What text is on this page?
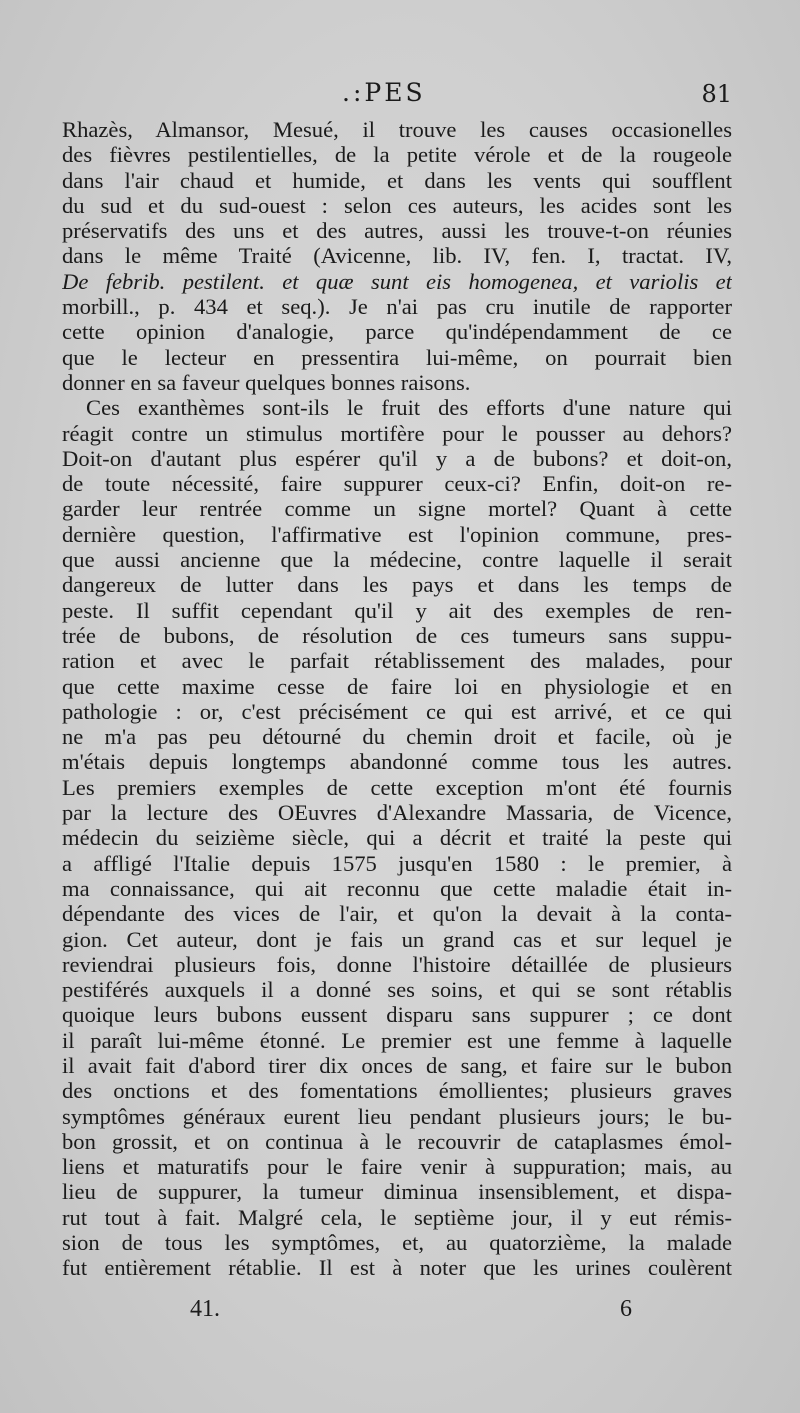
.:PES	81
Rhazès, Almansor, Mesué, il trouve les causes occasionelles
des fièvres pestilentielles, de la petite vérole et de la rougeole
dans l'air chaud et humide, et dans les vents qui soufflent
du sud et du sud-ouest : selon ces auteurs, les acides sont les
préservatifs des uns et des autres, aussi les trouve-t-on réunies
dans le même Traité (Avicenne, lib. IV, fen. I, tractat. IV,
De febrib. pestilent. et quæ sunt eis homogenea, et variolis et
morbill., p. 434 et seq.). Je n'ai pas cru inutile de rapporter
cette opinion d'analogie, parce qu'indépendamment de ce
que le lecteur en pressentira lui-même, on pourrait bien
donner en sa faveur quelques bonnes raisons.
Ces exanthèmes sont-ils le fruit des efforts d'une nature qui
réagit contre un stimulus mortifère pour le pousser au dehors?
Doit-on d'autant plus espérer qu'il y a de bubons? et doit-on,
de toute nécessité, faire suppurer ceux-ci? Enfin, doit-on re-
garder leur rentrée comme un signe mortel? Quant à cette
dernière question, l'affirmative est l'opinion commune, pres-
que aussi ancienne que la médecine, contre laquelle il serait
dangereux de lutter dans les pays et dans les temps de
peste. Il suffit cependant qu'il y ait des exemples de ren-
trée de bubons, de résolution de ces tumeurs sans suppu-
ration et avec le parfait rétablissement des malades, pour
que cette maxime cesse de faire loi en physiologie et en
pathologie : or, c'est précisément ce qui est arrivé, et ce qui
ne m'a pas peu détourné du chemin droit et facile, où je
m'étais depuis longtemps abandonné comme tous les autres.
Les premiers exemples de cette exception m'ont été fournis
par la lecture des OEuvres d'Alexandre Massaria, de Vicence,
médecin du seizième siècle, qui a décrit et traité la peste qui
a affligé l'Italie depuis 1575 jusqu'en 1580 : le premier, à
ma connaissance, qui ait reconnu que cette maladie était in-
dépendante des vices de l'air, et qu'on la devait à la conta-
gion. Cet auteur, dont je fais un grand cas et sur lequel je
reviendrai plusieurs fois, donne l'histoire détaillée de plusieurs
pestiférés auxquels il a donné ses soins, et qui se sont rétablis
quoique leurs bubons eussent disparu sans suppurer ; ce dont
il paraît lui-même étonné. Le premier est une femme à laquelle
il avait fait d'abord tirer dix onces de sang, et faire sur le bubon
des onctions et des fomentations émollientes; plusieurs graves
symptômes généraux eurent lieu pendant plusieurs jours; le bu-
bon grossit, et on continua à le recouvrir de cataplasmes émol-
liens et maturatifs pour le faire venir à suppuration; mais, au
lieu de suppurer, la tumeur diminua insensiblement, et dispa-
rut tout à fait. Malgré cela, le septième jour, il y eut rémis-
sion de tous les symptômes, et, au quatorzième, la malade
fut entièrement rétablie. Il est à noter que les urines coulèrent
41.	6
